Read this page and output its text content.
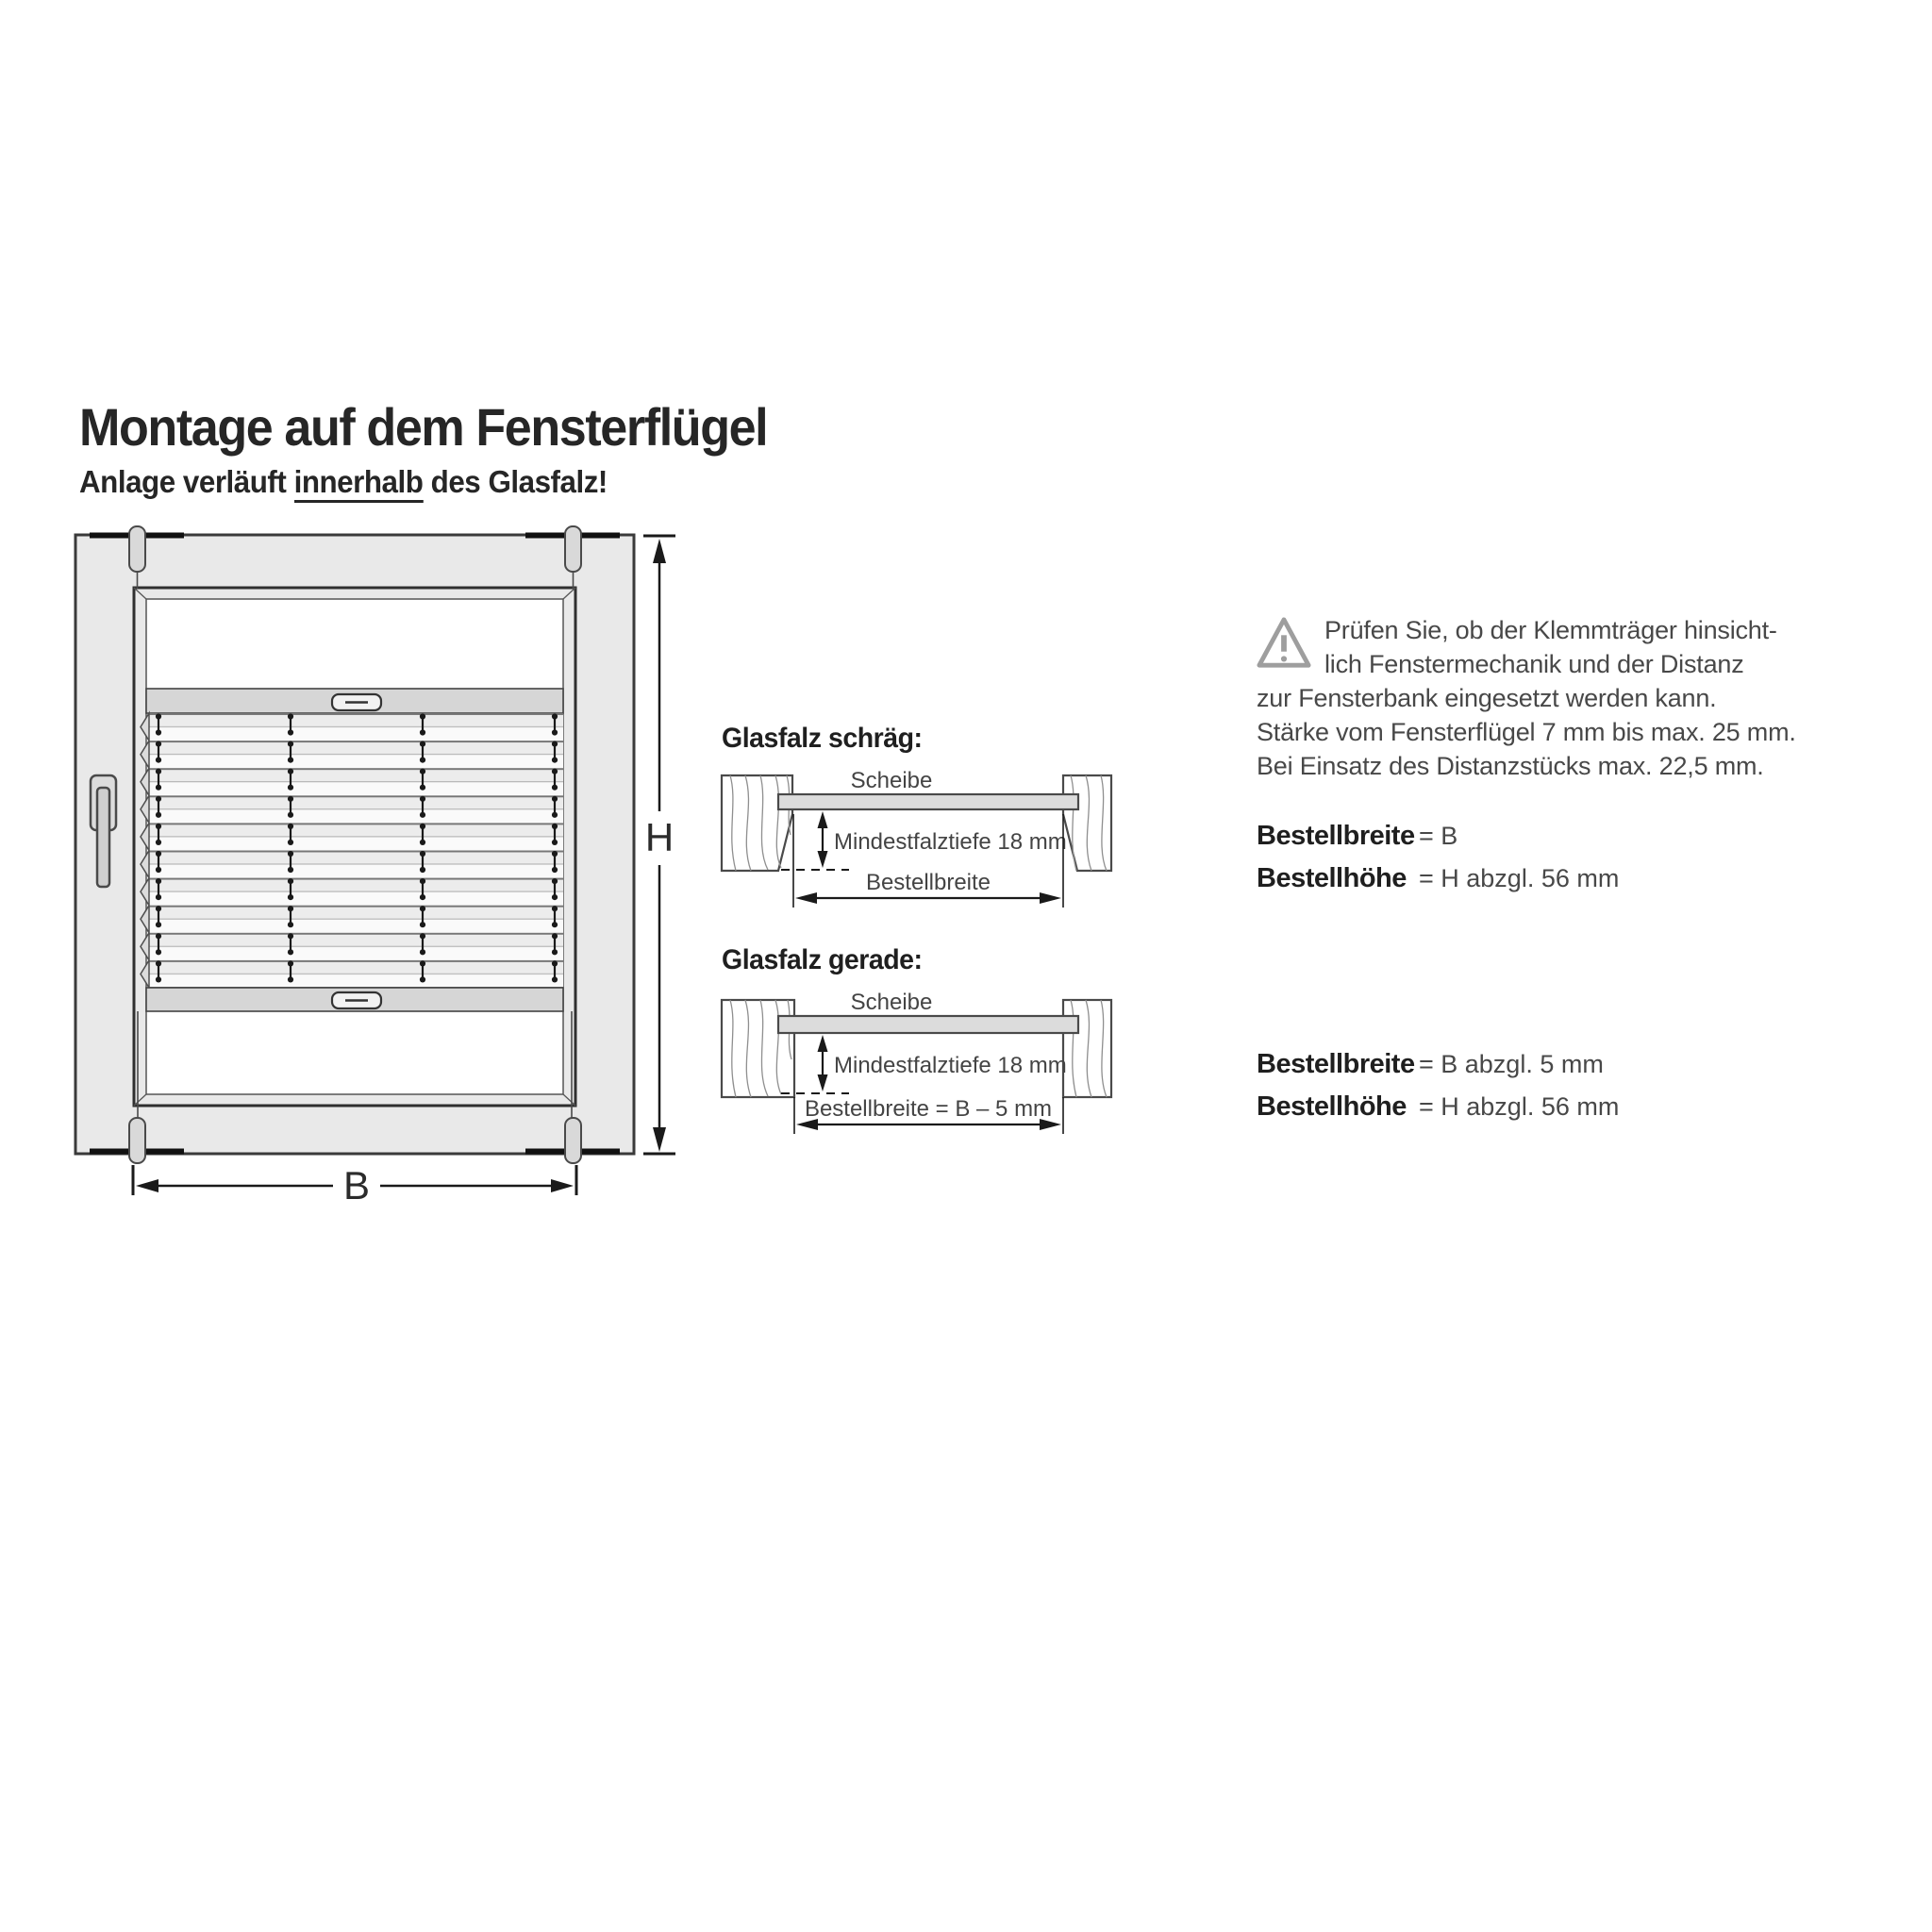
Montage auf dem Fensterflügel
Anlage verläuft innerhalb des Glasfalz!
H
B
Glasfalz schräg:
Scheibe
Mindestfalztiefe 18 mm
Bestellbreite
Glasfalz gerade:
Scheibe
Mindestfalztiefe 18 mm
Bestellbreite = B – 5 mm
Prüfen Sie, ob der Klemmträger hinsicht-
lich Fenstermechanik und der Distanz
zur Fensterbank eingesetzt werden kann.
Stärke vom Fensterflügel 7 mm bis max. 25 mm.
Bei Einsatz des Distanzstücks max. 22,5 mm.
Bestellbreite = B
Bestellhöhe = H abzgl. 56 mm
Bestellbreite = B abzgl. 5 mm
Bestellhöhe = H abzgl. 56 mm
